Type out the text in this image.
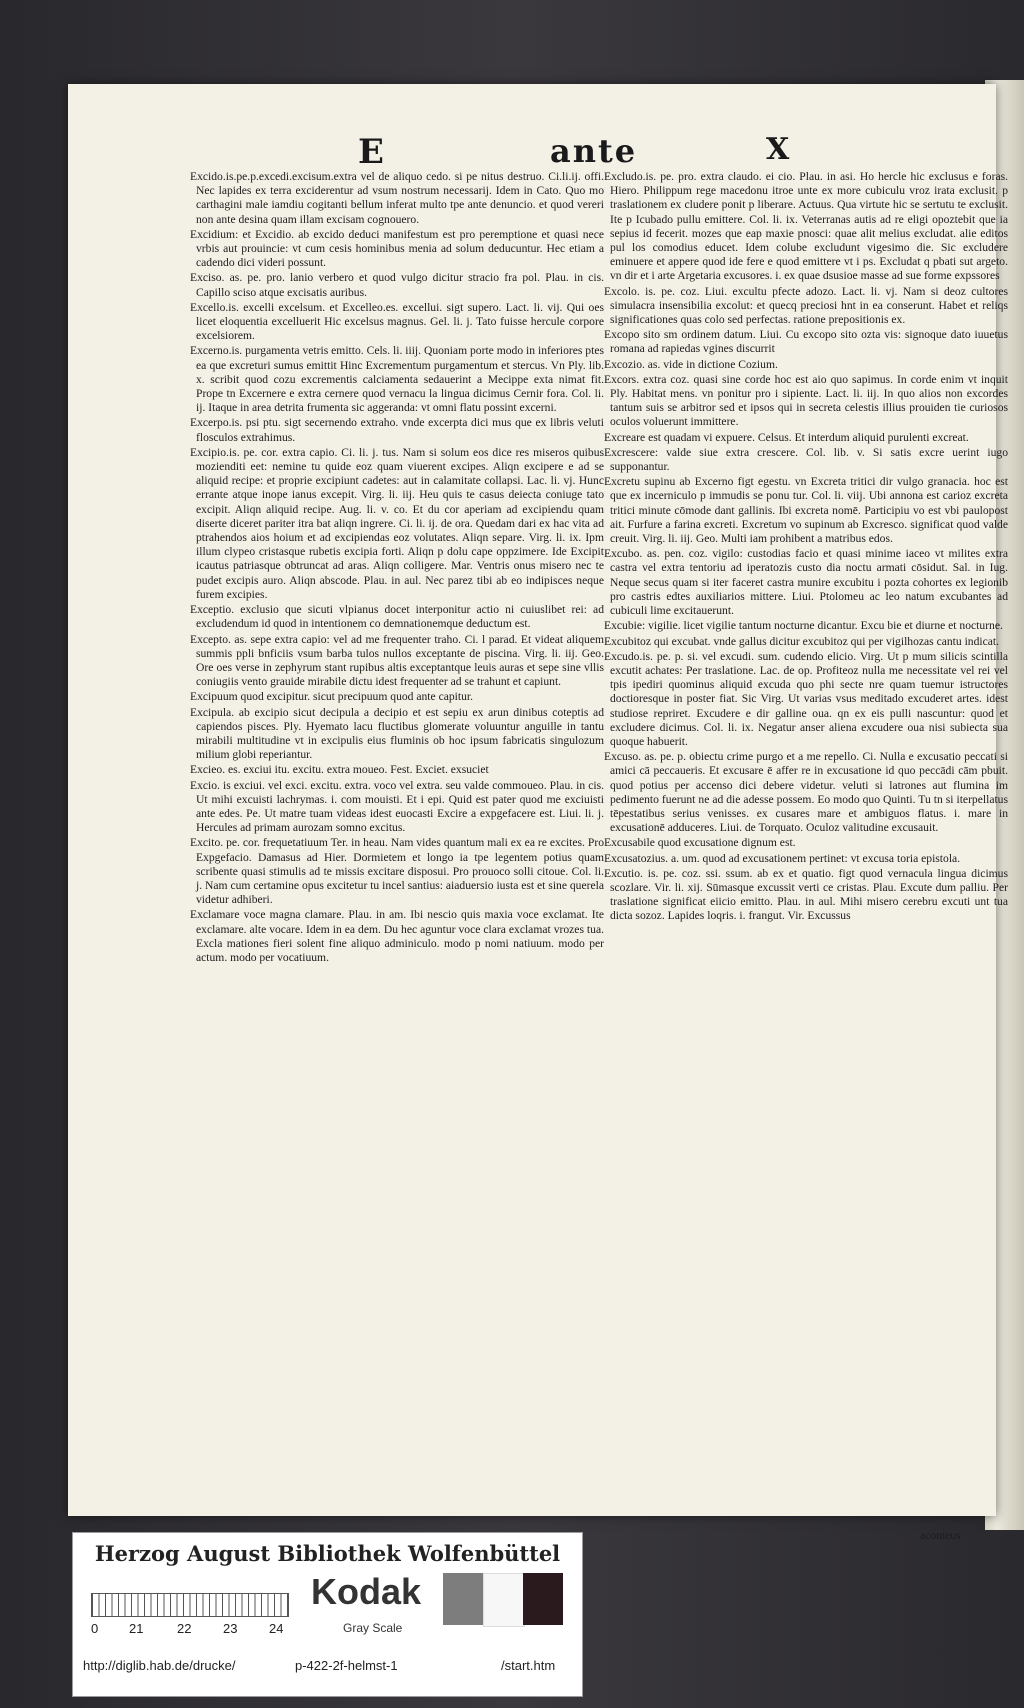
E	ante	X
Excido.is.pe.p.excedi.excisum.extra vel de aliquo cedo. si pe nitus destruo. Ci.li.ij. offi. Nec lapides ex terra exciderentur ad vsum nostrum necessarij. Idem in Cato. Quo mo carthagini male iamdiu cogitanti bellum inferat multo tpe ante denuncio. et quod vereri non ante desina quam illam excisam cognouero.
Excidium: et Excidio. ab excido deduci manifestum est pro peremptione et quasi nece vrbis aut prouincie: vt cum cesis hominibus menia ad solum deducuntur. Hec etiam a cadendo dici videri possunt.
Exciso. as. pe. pro. lanio verbero et quod vulgo dicitur stracio fra pol. Plau. in cis. Capillo sciso atque excisatis auribus.
Excello.is. excelli excelsum. et Excelleo.es. excellui. sigt supero. Lact. li. vij. Qui oes licet eloquentia excelluerit Hic excelsus magnus. Gel. li. j. Tato fuisse hercule corpore excelsiorem.
Excerno.is. purgamenta vetris emitto. Cels. li. iiij. Quoniam porte modo in inferiores ptes ea que excreturi sumus emittit Hinc Excrementum purgamentum et stercus. Vn Ply. lib. x. scribit quod cozu excrementis calciamenta sedauerint a Mecippe exta nimat fit. Prope tn Excernere e extra cernere quod vernacu la lingua dicimus Cernir fora. Col. li. ij. Itaque in area detrita frumenta sic aggeranda: vt omni flatu possint excerni.
Excerpo.is. psi ptu. sigt secernendo extraho. vnde excerpta dici mus que ex libris veluti flosculos extrahimus.
Excipio.is. pe. cor. extra capio. Ci. li. j. tus. Nam si solum eos dice res miseros quibus mozienditi eet: nemine tu quide eoz quam viuerent excipes. Aliqn excipere e ad se aliquid recipe: et proprie excipiunt cadetes: aut in calamitate collapsi. Lac. li. vj. Hunc errante atque inope ianus excepit. Virg. li. iij. Heu quis te casus deiecta coniuge tato excipit. Aliqn aliquid recipe. Aug. li. v. co. Et du cor aperiam ad excipiendu quam diserte diceret pariter itra bat aliqn ingrere. Ci. li. ij. de ora. Quedam dari ex hac vita ad ptrahendos aios hoium et ad excipiendas eoz volutates. Aliqn separe. Virg. li. ix. Ipm illum clypeo cristasque rubetis excipia forti. Aliqn p dolu cape oppzimere. Ide Excipit icautus patriasque obtruncat ad aras. Aliqn colligere. Mar. Ventris onus misero nec te pudet excipis auro. Aliqn abscode. Plau. in aul. Nec parez tibi ab eo indipisces neque furem excipies.
Exceptio. exclusio que sicuti vlpianus docet interponitur actio ni cuiuslibet rei: ad excludendum id quod in intentionem co demnationemque deductum est.
Excepto. as. sepe extra capio: vel ad me frequenter traho. Ci. l parad. Et videat aliquem summis ppli bnficiis vsum barba tulos nullos exceptante de piscina. Virg. li. iij. Geo. Ore oes verse in zephyrum stant rupibus altis exceptantque leuis auras et sepe sine vllis coniugiis vento grauide mirabile dictu idest frequenter ad se trahunt et capiunt.
Excipuum quod excipitur. sicut precipuum quod ante capitur.
Excipula. ab excipio sicut decipula a decipio et est sepiu ex arun dinibus coteptis ad capiendos pisces. Ply. Hyemato lacu fluctibus glomerate voluuntur anguille in tantu mirabili multitudine vt in excipulis eius fluminis ob hoc ipsum fabricatis singulozum milium globi reperiantur.
Excieo. es. exciui itu. excitu. extra moueo. Fest. Exciet. exsuciet
Excio. is exciui. vel exci. excitu. extra. voco vel extra. seu valde commoueo. Plau. in cis. Ut mihi excuisti lachrymas. i. com mouisti. Et i epi. Quid est pater quod me exciuisti ante edes. Pe. Ut matre tuam videas idest euocasti Excire a expgefacere est. Liui. li. j. Hercules ad primam aurozam somno excitus.
Excito. pe. cor. frequetatiuum Ter. in heau. Nam vides quantum mali ex ea re excites. Pro Expgefacio. Damasus ad Hier. Dormietem et longo ia tpe legentem potius quam scribente quasi stimulis ad te missis excitare disposui. Pro prouoco solli citoue. Col. li. j. Nam cum certamine opus excitetur tu incel santius: aiaduersio iusta est et sine querela videtur adhiberi.
Exclamare voce magna clamare. Plau. in am. Ibi nescio quis maxia voce exclamat. Ite exclamare. alte vocare. Idem in ea dem. Du hec aguntur voce clara exclamat vrozes tua. Excla mationes fieri solent fine aliquo adminiculo. modo p nomi natiuum. modo per actum. modo per vocatiuum.
Excludo.is. pe. pro. extra claudo. ei cio. Plau. in asi. Ho hercle hic exclusus e foras. Hiero. Philippum rege macedonu itroe unte ex more cubiculu vroz irata exclusit. p traslationem ex cludere ponit p liberare. Actuus. Qua virtute hic se sertutu te exclusit. Ite p Icubado pullu emittere. Col. li. ix. Veterranas autis ad re eligi opoztebit que ia sepius id fecerit. mozes que eap maxie pnosci: quae alit melius excludat. alie editos pul los comodius educet. Idem colube excludunt vigesimo die. Sic excludere eminuere et appere quod ide fere e quod emittere vt i ps. Excludat q pbati sut argeto. vn dir et i arte Argetaria excusores. i. ex quae dsusioe masse ad sue forme expssores
Excolo. is. pe. coz. Liui. excultu pfecte adozo. Lact. li. vj. Nam si deoz cultores simulacra insensibilia excolut: et quecq preciosi hnt in ea conserunt. Habet et reliqs significationes quas colo sed perfectas. ratione prepositionis ex.
Excopo sito sm ordinem datum. Liui. Cu excopo sito ozta vis: signoque dato iuuetus romana ad rapiedas vgines discurrit
Excozio. as. vide in dictione Cozium.
Excors. extra coz. quasi sine corde hoc est aio quo sapimus. In corde enim vt inquit Ply. Habitat mens. vn ponitur pro i sipiente. Lact. li. iij. In quo alios non excordes tantum suis se arbitror sed et ipsos qui in secreta celestis illius prouiden tie curiosos oculos voluerunt immittere.
Excreare est quadam vi expuere. Celsus. Et interdum aliquid purulenti excreat.
Excrescere: valde siue extra crescere. Col. lib. v. Si satis excre uerint iugo supponantur.
Excretu supinu ab Excerno figt egestu. vn Excreta tritici dir vulgo granacia. hoc est que ex incerniculo p immudis se ponu tur. Col. li. viij. Ubi annona est carioz excreta tritici minute cōmode dant gallinis. Ibi excreta nomē. Participiu vo est vbi paulopost ait. Furfure a farina excreti. Excretum vo supinum ab Excresco. significat quod valde creuit. Virg. li. iij. Geo. Multi iam prohibent a matribus edos.
Excubo. as. pen. coz. vigilo: custodias facio et quasi minime iaceo vt milites extra castra vel extra tentoriu ad iperatozis custo dia noctu armati cōsidut. Sal. in Iug. Neque secus quam si iter faceret castra munire excubitu i pozta cohortes ex legionib pro castris edtes auxiliarios mittere. Liui. Ptolomeu ac leo natum excubantes ad cubiculi lime excitauerunt.
Excubie: vigilie. licet vigilie tantum nocturne dicantur. Excu bie et diurne et nocturne.
Excubitoz qui excubat. vnde gallus dicitur excubitoz qui per vigilhozas cantu indicat.
Excudo.is. pe. p. si. vel excudi. sum. cudendo elicio. Virg. Ut p mum silicis scintilla excutit achates: Per traslatione. Lac. de op. Profiteoz nulla me necessitate vel rei vel tpis ipediri quominus aliquid excuda quo phi secte nre quam tuemur istructores doctioresque in poster fiat. Sic Virg. Ut varias vsus meditado excuderet artes. idest studiose repriret. Excudere e dir galline oua. qn ex eis pulli nascuntur: quod et excludere dicimus. Col. li. ix. Negatur anser aliena excudere oua nisi subiecta sua quoque habuerit.
Excuso. as. pe. p. obiectu crime purgo et a me repello. Ci. Nulla e excusatio peccati si amici cā peccaueris. Et excusare ē affer re in excusatione id quo peccādi cām pbuit. quod potius per accenso dici debere videtur. veluti si latrones aut flumina im pedimento fuerunt ne ad die adesse possem. Eo modo quo Quinti. Tu tn si iterpellatus tēpestatibus serius venisses. ex cusares mare et ambiguos flatus. i. mare in excusationē adduceres. Liui. de Torquato. Oculoz valitudine excusauit.
Excusabile quod excusatione dignum est.
Excusatozius. a. um. quod ad excusationem pertinet: vt excusa toria epistola.
Excutio. is. pe. coz. ssi. ssum. ab ex et quatio. figt quod vernacula lingua dicimus scozlare. Vir. li. xij. Sūmasque excussit verti ce cristas. Plau. Excute dum palliu. Per traslatione significat eiicio emitto. Plau. in aul. Mihi misero cerebru excuti unt tua dicta sozoz. Lapides loqris. i. frangut. Vir. Excussus
aconteus
Herzog August Bibliothek Wolfenbüttel
0 21	22 23 24
Kodak
Gray Scale
http://diglib.hab.de/drucke/	p-422-2f-helmst-1	/start.htm
